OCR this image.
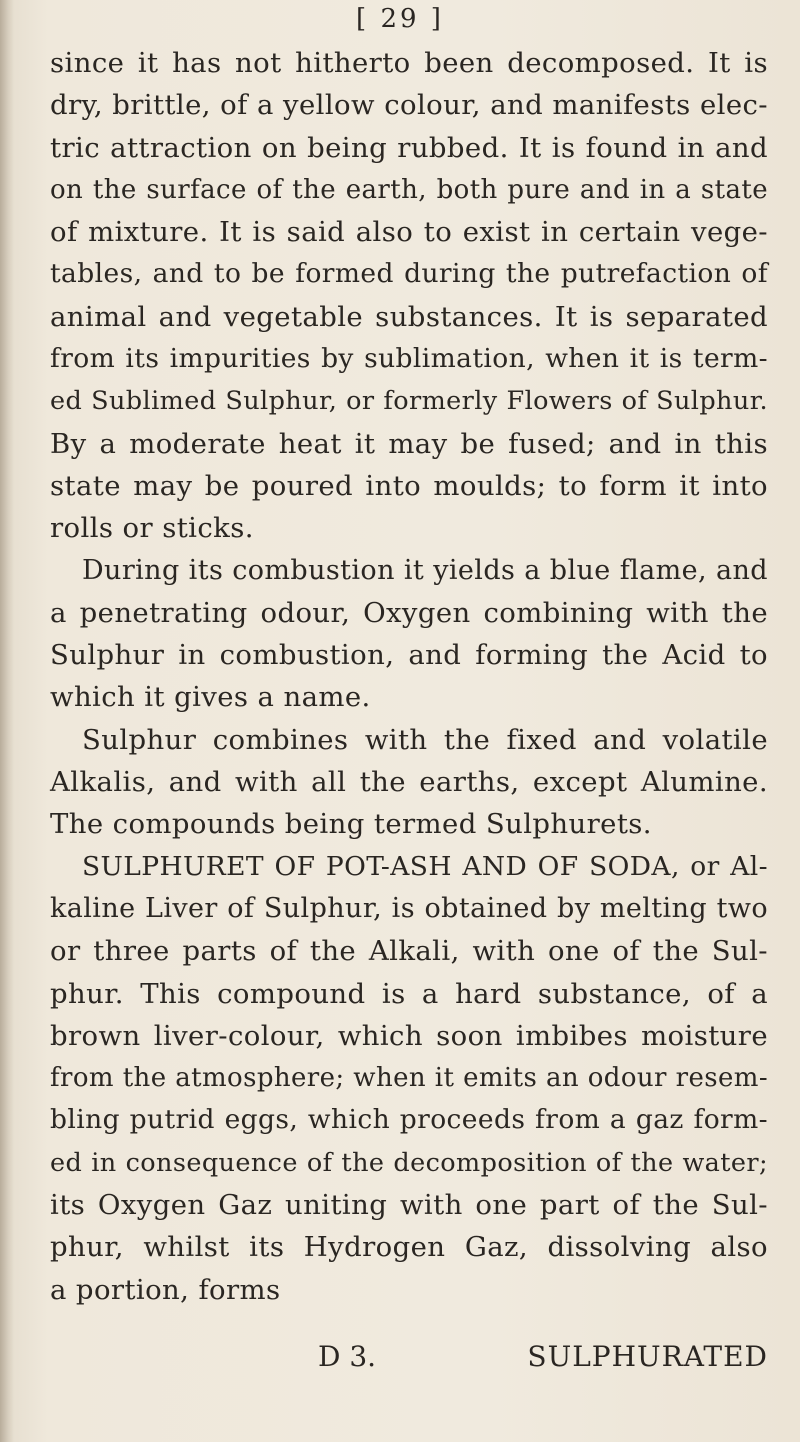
[ 29 ]
since it has not hitherto been decomposed. It is
dry, brittle, of a yellow colour, and manifests elec-
tric attraction on being rubbed. It is found in and
on the surface of the earth, both pure and in a state
of mixture. It is said also to exist in certain vege-
tables, and to be formed during the putrefaction of
animal and vegetable substances. It is separated
from its impurities by sublimation, when it is term-
ed Sublimed Sulphur, or formerly Flowers of Sulphur.
By a moderate heat it may be fused; and in this
state may be poured into moulds; to form it into
rolls or sticks.
During its combustion it yields a blue flame, and
a penetrating odour, Oxygen combining with the
Sulphur in combustion, and forming the Acid to
which it gives a name.
Sulphur combines with the fixed and volatile
Alkalis, and with all the earths, except Alumine.
The compounds being termed Sulphurets.
SULPHURET OF POT-ASH AND OF SODA, or Al-
kaline Liver of Sulphur, is obtained by melting two
or three parts of the Alkali, with one of the Sul-
phur. This compound is a hard substance, of a
brown liver-colour, which soon imbibes moisture
from the atmosphere; when it emits an odour resem-
bling putrid eggs, which proceeds from a gaz form-
ed in consequence of the decomposition of the water;
its Oxygen Gaz uniting with one part of the Sul-
phur, whilst its Hydrogen Gaz, dissolving also
a portion, forms
D 3.	SULPHURATED
